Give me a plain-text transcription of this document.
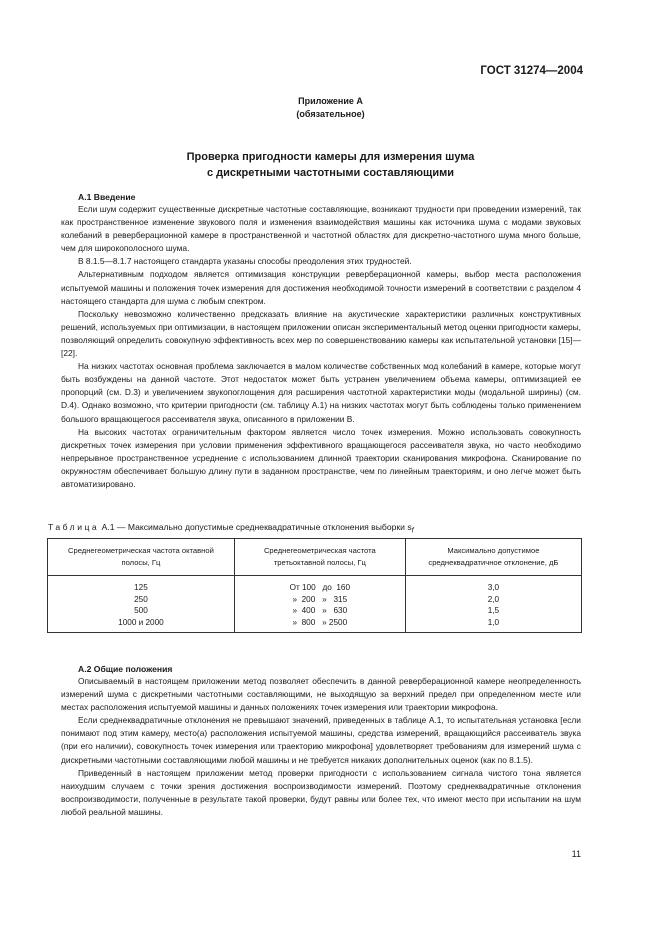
ГОСТ 31274—2004
Приложение А
(обязательное)
Проверка пригодности камеры для измерения шума
с дискретными частотными составляющими
А.1 Введение

Если шум содержит существенные дискретные частотные составляющие, возникают трудности при проведении измерений, так как пространственное изменение звукового поля и изменения взаимодействия машины как источника шума с модами звуковых колебаний в реверберационной камере в пространственной и частотной областях для дискретно-частотного шума много больше, чем для широкополосного шума.

В 8.1.5—8.1.7 настоящего стандарта указаны способы преодоления этих трудностей.

Альтернативным подходом является оптимизация конструкции реверберационной камеры, выбор места расположения испытуемой машины и положения точек измерения для достижения необходимой точности измерений в соответствии с разделом 4 настоящего стандарта для шума с любым спектром.

Поскольку невозможно количественно предсказать влияние на акустические характеристики различных конструктивных решений, используемых при оптимизации, в настоящем приложении описан экспериментальный метод оценки пригодности камеры, позволяющий определить совокупную эффективность всех мер по совершенствованию камеры как испытательной установки [15]—[22].

На низких частотах основная проблема заключается в малом количестве собственных мод колебаний в камере, которые могут быть возбуждены на данной частоте. Этот недостаток может быть устранен увеличением объема камеры, оптимизацией ее пропорций (см. D.3) и увеличением звукопоглощения для расширения частотной характеристики моды (модальной ширины) (см. D.4). Однако возможно, что критерии пригодности (см. таблицу А.1) на низких частотах могут быть соблюдены только применением большого вращающегося рассеивателя звука, описанного в приложении В.

На высоких частотах ограничительным фактором является число точек измерения. Можно использовать совокупность дискретных точек измерения при условии применения эффективного вращающегося рассеивателя звука, но часто необходимо непрерывное пространственное усреднение с использованием длинной траектории сканирования микрофона. Сканирование по окружностям обеспечивает большую длину пути в заданном пространстве, чем по линейным траекториям, и оно легче может быть автоматизировано.

Таблица А.1 — Максимально допустимые среднеквадратичные отклонения выборки $s_f$
Среднегеометрическая частота октавной полосы, Гц	Среднегеометрическая частота третьоктавной полосы, Гц	Максимально допустимое среднеквадратичное отклонение, дБ
125	От 100   до  160	3,0
250	»  200   »   315	2,0
500	»  400   »   630	1,5
1000 и 2000	»  800   » 2500	1,0
А.2 Общие положения

Описываемый в настоящем приложении метод позволяет обеспечить в данной реверберационной камере неопределенность измерений шума с дискретными частотными составляющими, не выходящую за верхний предел при определенном месте или местах расположения испытуемой машины и данных положениях точек измерения или траектории микрофона.

Если среднеквадратичные отклонения не превышают значений, приведенных в таблице А.1, то испытательная установка [если понимают под этим камеру, место(а) расположения испытуемой машины, средства измерений, вращающийся рассеиватель звука (при его наличии), совокупность точек измерения или траекторию микрофона] удовлетворяет требованиям для измерений шума с дискретными частотными составляющими любой машины и не требуется никаких дополнительных оценок (как по 8.1.5).

Приведенный в настоящем приложении метод проверки пригодности с использованием сигнала чистого тона является наихудшим случаем с точки зрения достижения воспроизводимости измерений. Поэтому среднеквадратичные отклонения воспроизводимости, полученные в результате такой проверки, будут равны или более тех, что имеют место при испытании на шум любой реальной машины.

11
